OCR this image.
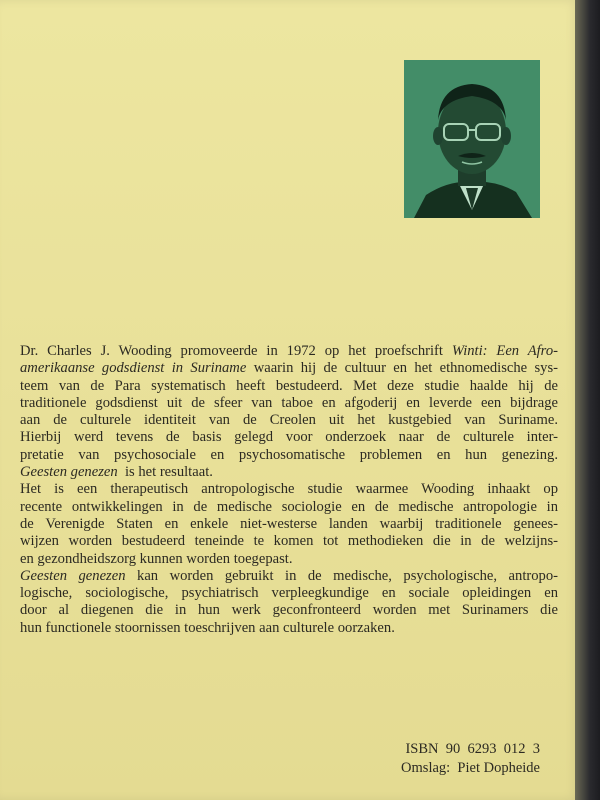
Dr. Charles J. Wooding promoveerde in 1972 op het proefschrift Winti: Een Afro-
amerikaanse godsdienst in Suriname waarin hij de cultuur en het ethnomedische sys-
teem van de Para systematisch heeft bestudeerd. Met deze studie haalde hij de
traditionele godsdienst uit de sfeer van taboe en afgoderij en leverde een bijdrage
aan de culturele identiteit van de Creolen uit het kustgebied van Suriname.
Hierbij werd tevens de basis gelegd voor onderzoek naar de culturele inter-
pretatie van psychosociale en psychosomatische problemen en hun genezing.
Geesten genezen  is het resultaat.
Het is een therapeutisch antropologische studie waarmee Wooding inhaakt op
recente ontwikkelingen in de medische sociologie en de medische antropologie in
de Verenigde Staten en enkele niet-westerse landen waarbij traditionele genees-
wijzen worden bestudeerd teneinde te komen tot methodieken die in de welzijns-
en gezondheidszorg kunnen worden toegepast.
Geesten genezen kan worden gebruikt in de medische, psychologische, antropo-
logische, sociologische, psychiatrisch verpleegkundige en sociale opleidingen en
door al diegenen die in hun werk geconfronteerd worden met Surinamers die
hun functionele stoornissen toeschrijven aan culturele oorzaken.
ISBN  90  6293  012  3
Omslag:  Piet Dopheide
